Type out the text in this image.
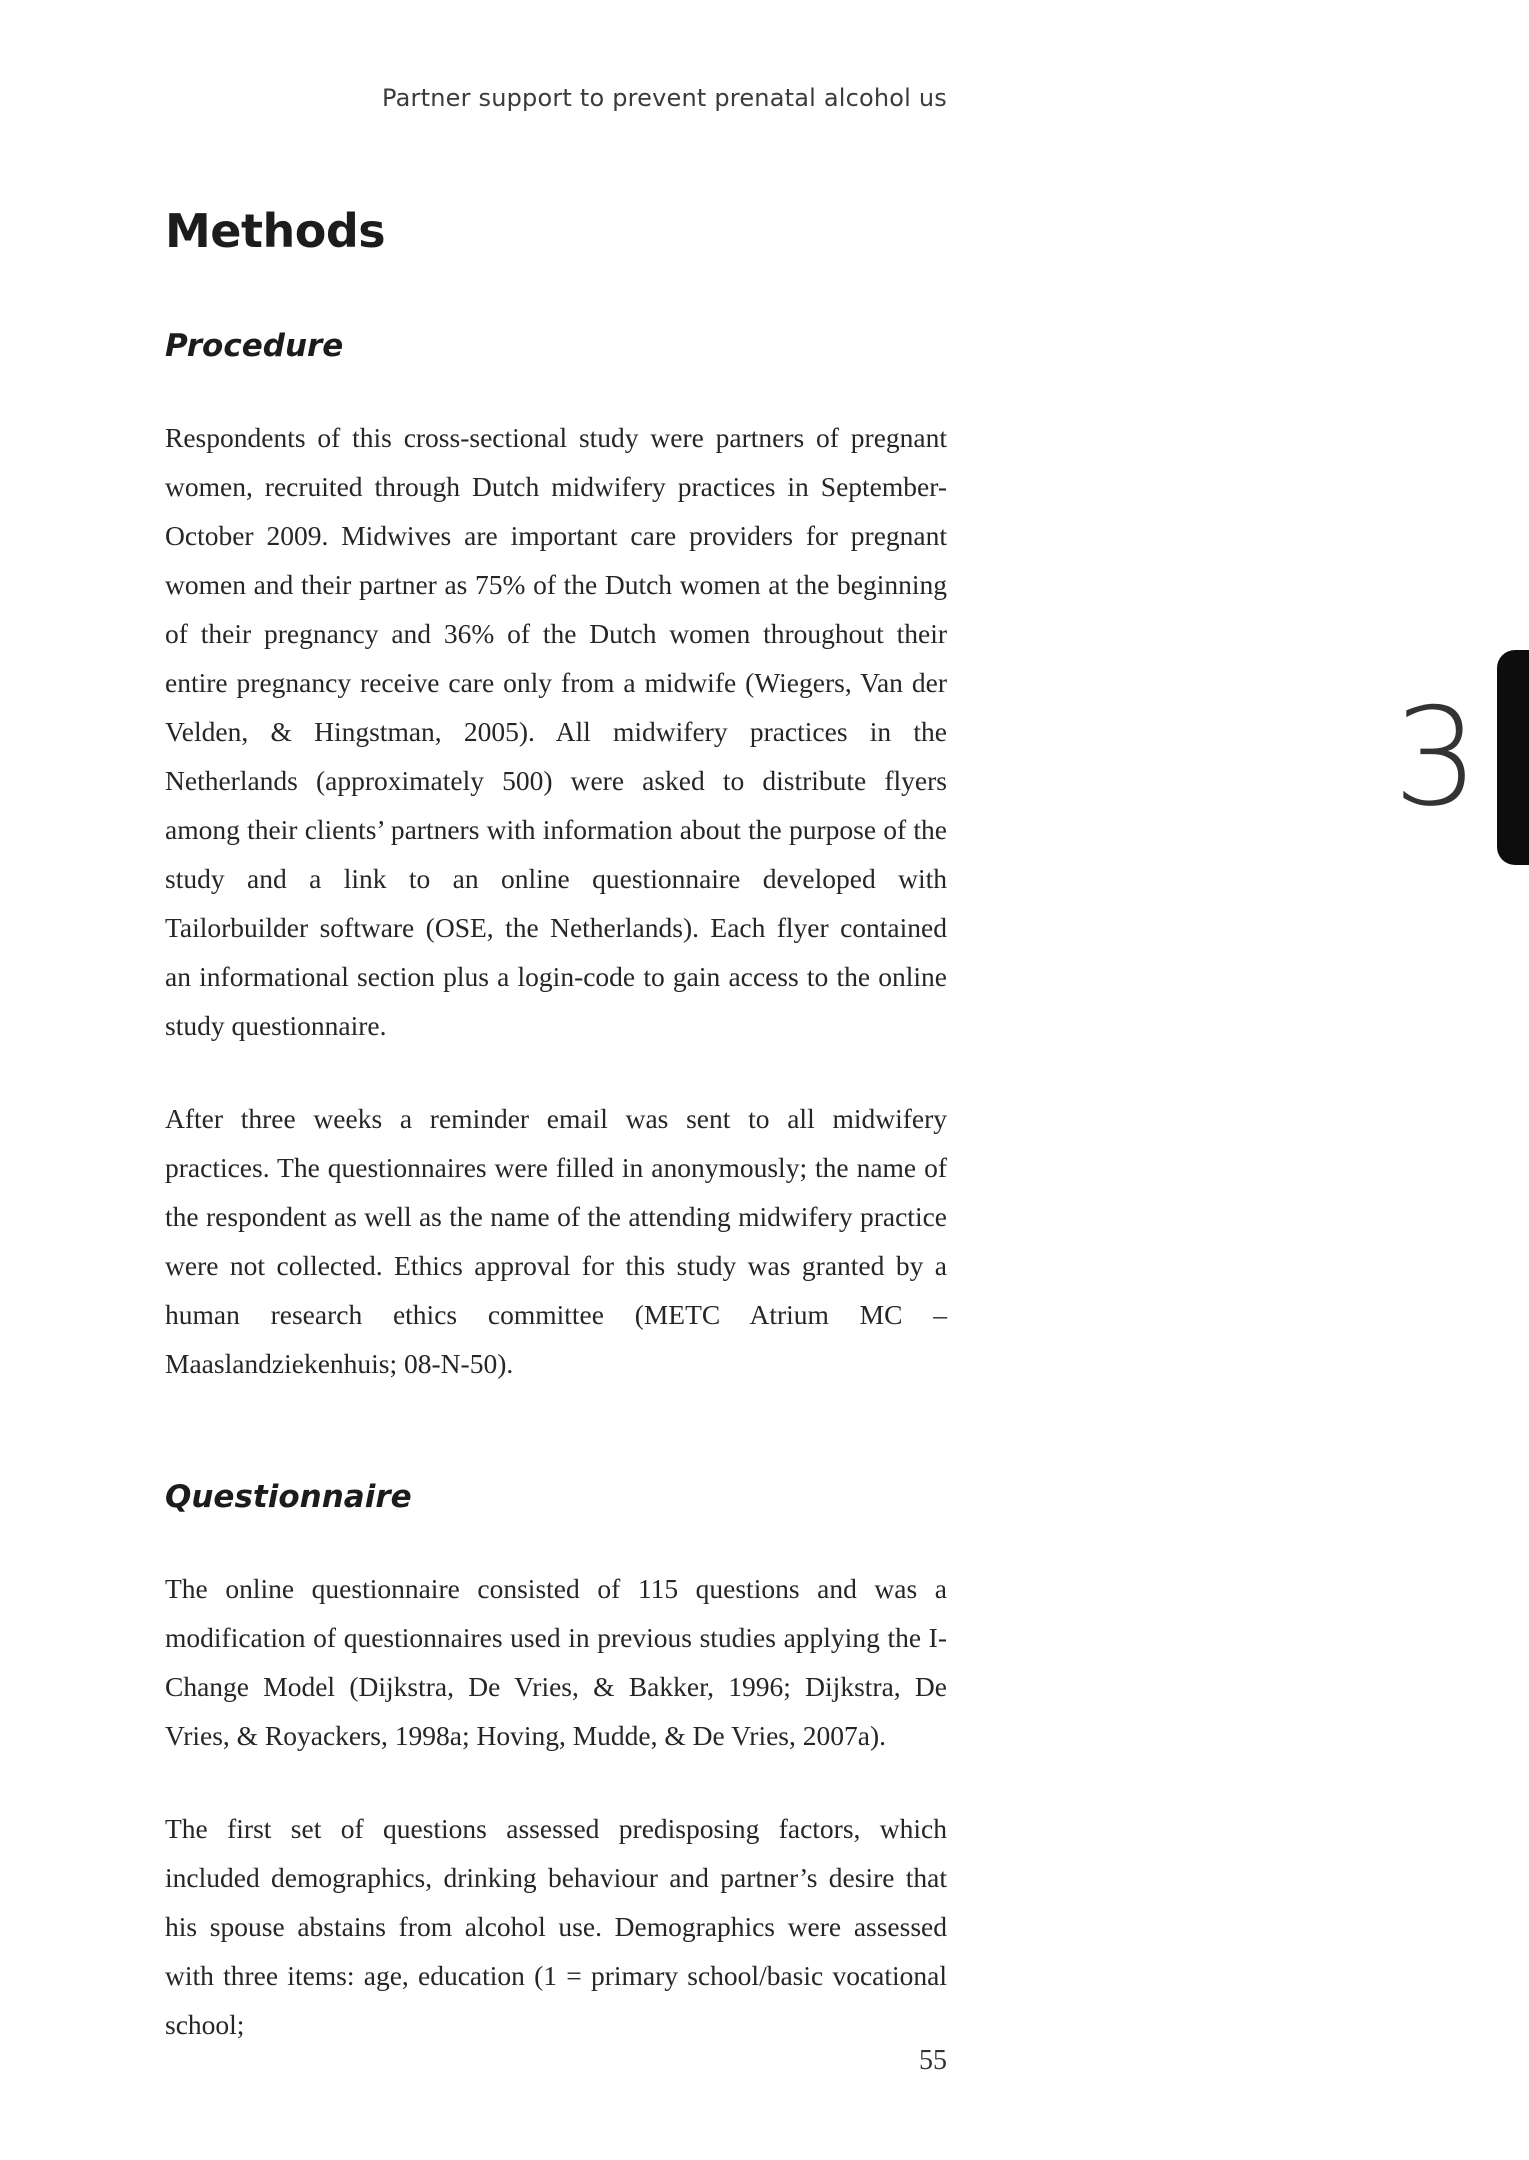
Partner support to prevent prenatal alcohol us
Methods
Procedure

Respondents of this cross-sectional study were partners of pregnant women, recruited through Dutch midwifery practices in September-October 2009. Midwives are important care providers for pregnant women and their partner as 75% of the Dutch women at the beginning of their pregnancy and 36% of the Dutch women throughout their entire pregnancy receive care only from a midwife (Wiegers, Van der Velden, & Hingstman, 2005). All midwifery practices in the Netherlands (approximately 500) were asked to distribute flyers among their clients’ partners with information about the purpose of the study and a link to an online questionnaire developed with Tailorbuilder software (OSE, the Netherlands). Each flyer contained an informational section plus a login-code to gain access to the online study questionnaire.

After three weeks a reminder email was sent to all midwifery practices. The questionnaires were filled in anonymously; the name of the respondent as well as the name of the attending midwifery practice were not collected. Ethics approval for this study was granted by a human research ethics committee (METC Atrium MC – Maaslandziekenhuis; 08-N-50).

Questionnaire

The online questionnaire consisted of 115 questions and was a modification of questionnaires used in previous studies applying the I-Change Model (Dijkstra, De Vries, & Bakker, 1996; Dijkstra, De Vries, & Royackers, 1998a; Hoving, Mudde, & De Vries, 2007a).

The first set of questions assessed predisposing factors, which included demographics, drinking behaviour and partner’s desire that his spouse abstains from alcohol use. Demographics were assessed with three items: age, education (1 = primary school/basic vocational school;

3
55
